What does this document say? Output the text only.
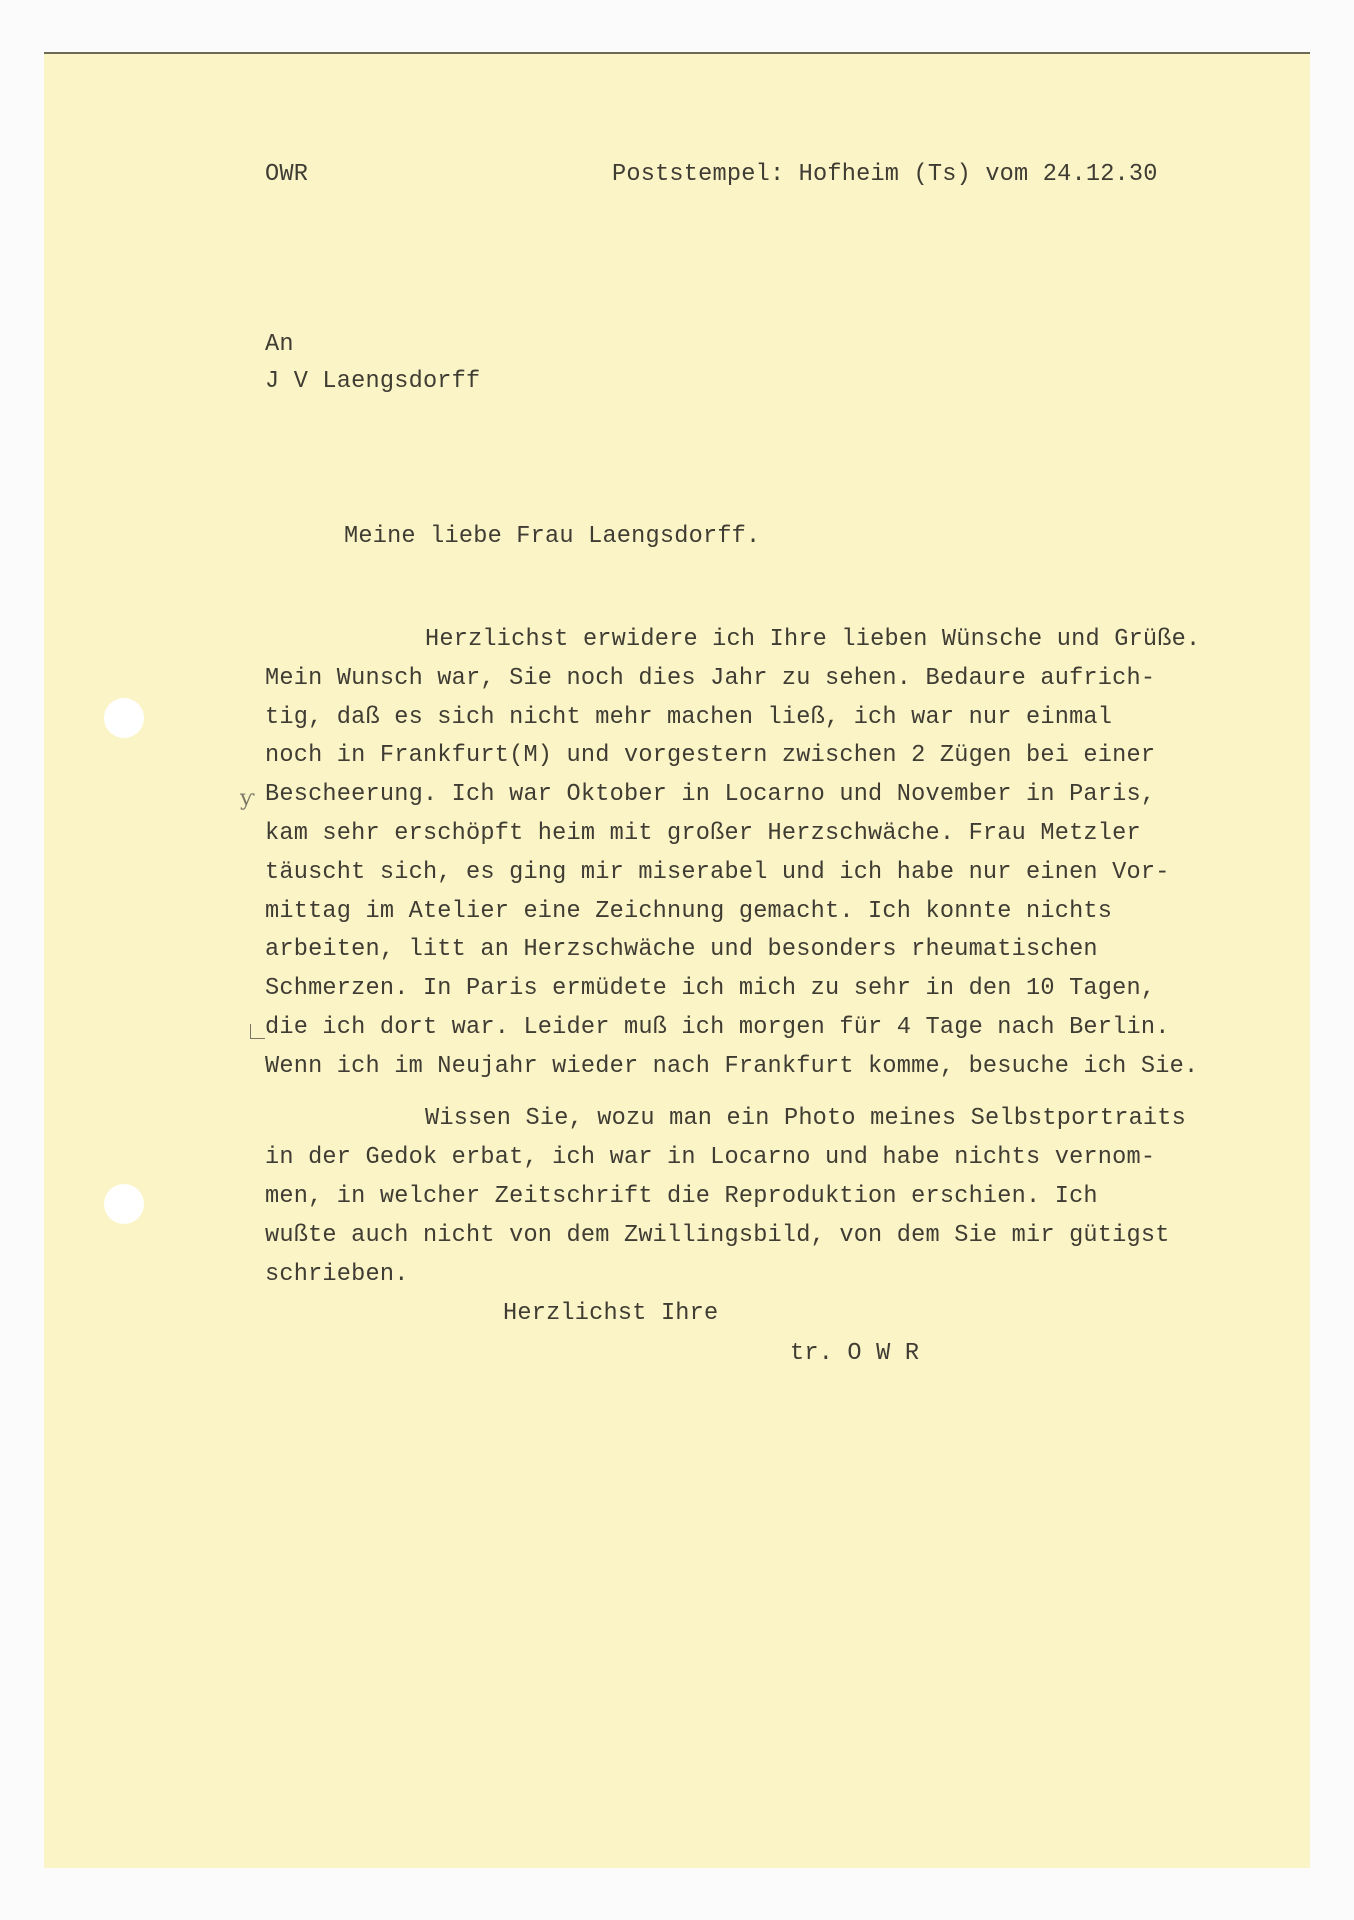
OWR	Poststempel: Hofheim (Ts) vom 24.12.30
An
J V Laengsdorff
Meine liebe Frau Laengsdorff.
Herzlichst erwidere ich Ihre lieben Wünsche und Grüße.
Mein Wunsch war, Sie noch dies Jahr zu sehen. Bedaure aufrich-
tig, daß es sich nicht mehr machen ließ, ich war nur einmal
noch in Frankfurt(M) und vorgestern zwischen 2 Zügen bei einer
Bescheerung. Ich war Oktober in Locarno und November in Paris,
kam sehr erschöpft heim mit großer Herzschwäche. Frau Metzler
täuscht sich, es ging mir miserabel und ich habe nur einen Vor-
mittag im Atelier eine Zeichnung gemacht. Ich konnte nichts
arbeiten, litt an Herzschwäche und besonders rheumatischen
Schmerzen. In Paris ermüdete ich mich zu sehr in den 10 Tagen,
die ich dort war. Leider muß ich morgen für 4 Tage nach Berlin.
Wenn ich im Neujahr wieder nach Frankfurt komme, besuche ich Sie.
Wissen Sie, wozu man ein Photo meines Selbstportraits
in der Gedok erbat, ich war in Locarno und habe nichts vernom-
men, in welcher Zeitschrift die Reproduktion erschien. Ich
wußte auch nicht von dem Zwillingsbild, von dem Sie mir gütigst
schrieben.
Herzlichst Ihre
tr. O W R
ƴ
